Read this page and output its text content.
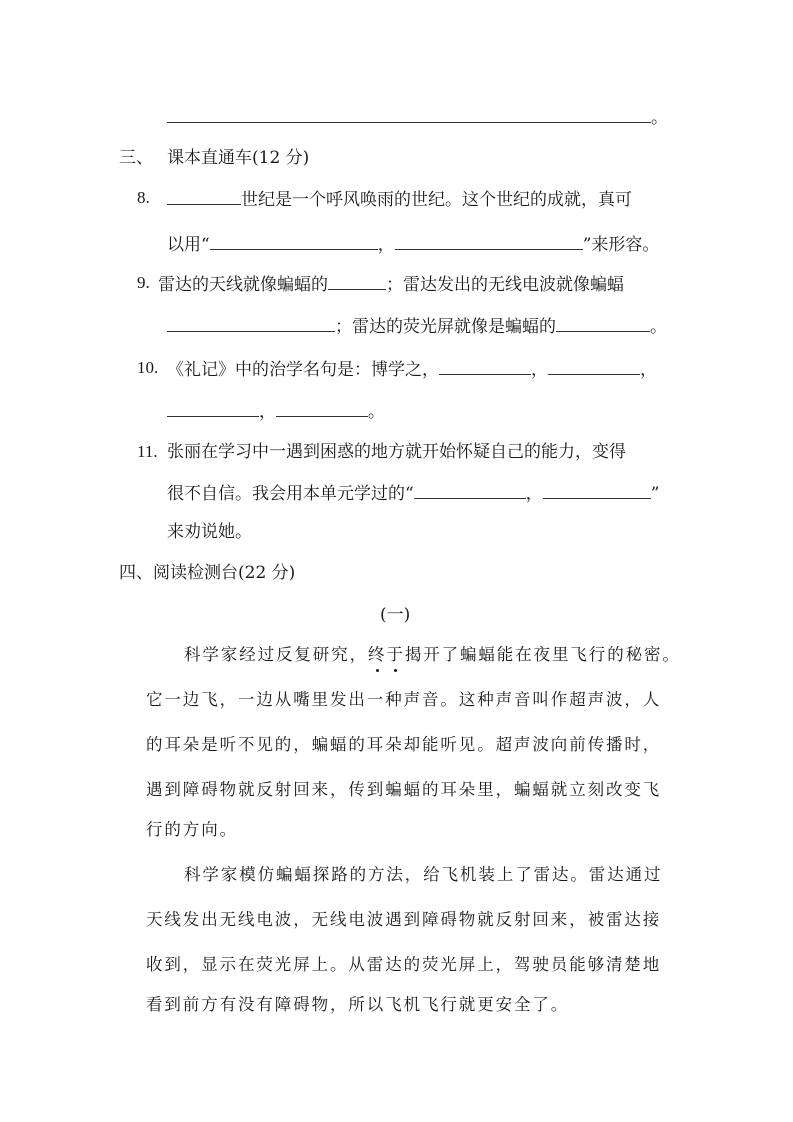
。
三、 课本直通车(12 分)
8.	世纪是一个呼风唤雨的世纪。这个世纪的成就，真可
以用“	，	”来形容。
9. 雷达的天线就像蝙蝠的	；雷达发出的无线电波就像蝙蝠
；雷达的荧光屏就像是蝙蝠的	。
10. 《礼记》中的治学名句是：博学之，	，	，
，	。
11. 张丽在学习中一遇到困惑的地方就开始怀疑自己的能力，变得
很不自信。我会用本单元学过的“	，	”
来劝说她。
四、阅读检测台(22 分)
(一)
科学家经过反复研究，终于揭开了蝙蝠能在夜里飞行的秘密。
它一边飞，一边从嘴里发出一种声音。这种声音叫作超声波，人
的耳朵是听不见的，蝙蝠的耳朵却能听见。超声波向前传播时，
遇到障碍物就反射回来，传到蝙蝠的耳朵里，蝙蝠就立刻改变飞
行的方向。
科学家模仿蝙蝠探路的方法，给飞机装上了雷达。雷达通过
天线发出无线电波，无线电波遇到障碍物就反射回来，被雷达接
收到，显示在荧光屏上。从雷达的荧光屏上，驾驶员能够清楚地
看到前方有没有障碍物，所以飞机飞行就更安全了。
